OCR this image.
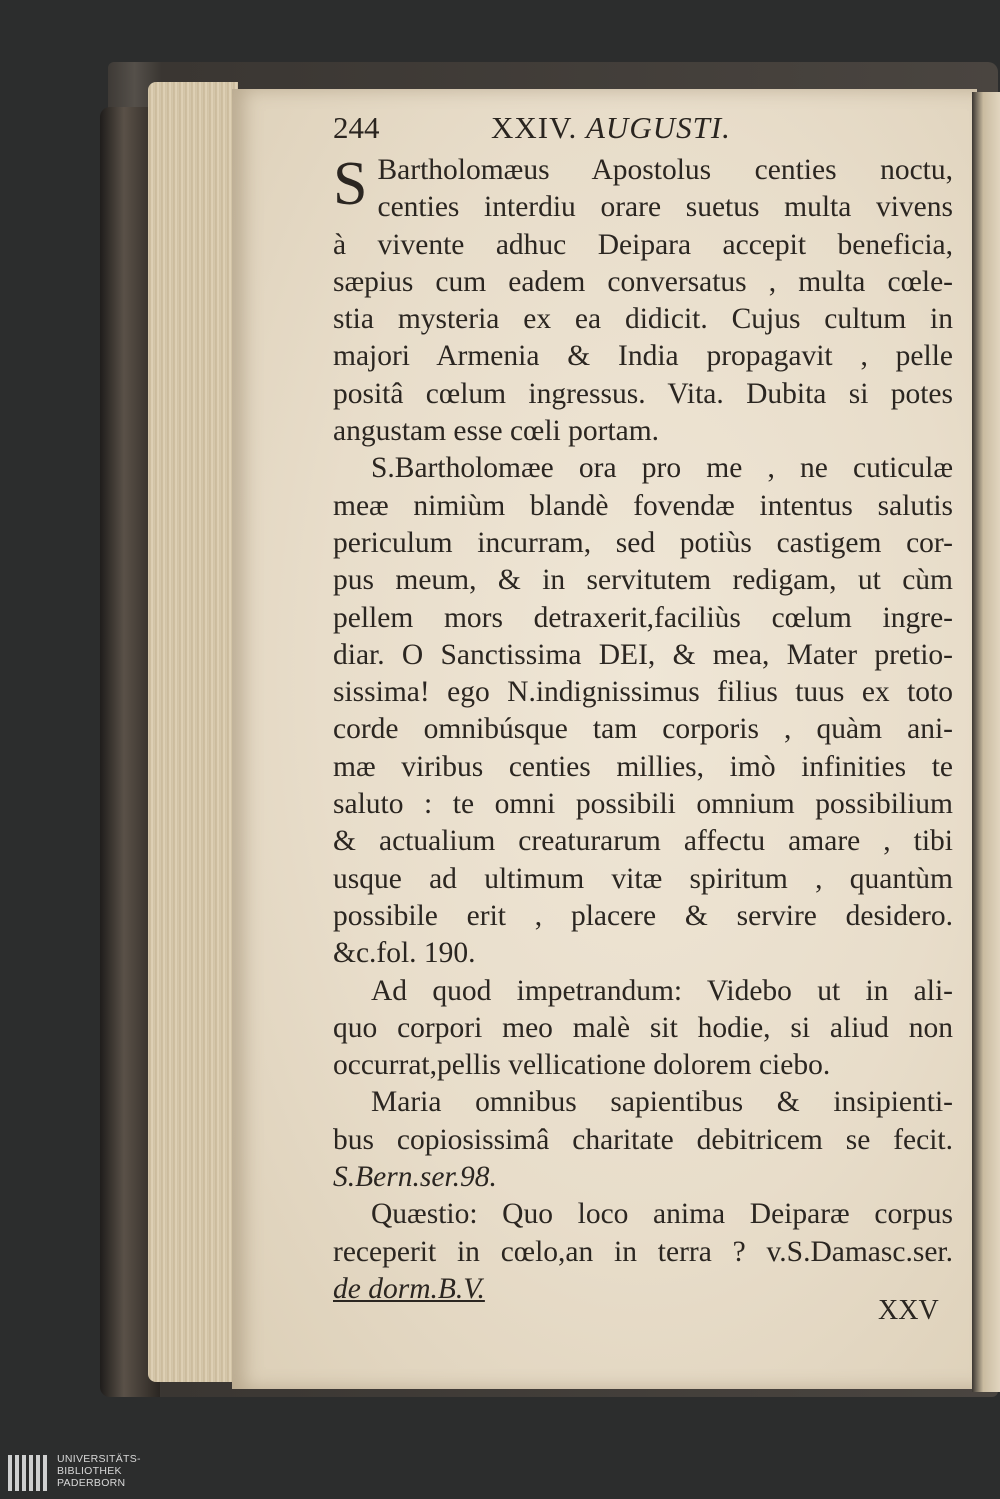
244	XXIV. AUGUSTI.
S Bartholomæus Apostolus centies noctu,
centies interdiu orare suetus multa vivens
à vivente adhuc Deipara accepit beneficia,
sæpius cum eadem conversatus , multa cœle-
stia mysteria ex ea didicit. Cujus cultum in
majori Armenia & India propagavit , pelle
positâ cœlum ingressus. Vita. Dubita si potes
angustam esse cœli portam.
S.Bartholomæe ora pro me , ne cuticulæ
meæ nimiùm blandè fovendæ intentus salutis
periculum incurram, sed potiùs castigem cor-
pus meum, & in servitutem redigam, ut cùm
pellem mors detraxerit,faciliùs cœlum ingre-
diar. O Sanctissima DEI, & mea, Mater pretio-
sissima! ego N.indignissimus filius tuus ex toto
corde omnibúsque tam corporis , quàm ani-
mæ viribus centies millies, imò infinities te
saluto : te omni possibili omnium possibilium
& actualium creaturarum affectu amare , tibi
usque ad ultimum vitæ spiritum , quantùm
possibile erit , placere & servire desidero.
&c.fol. 190.
Ad quod impetrandum: Videbo ut in ali-
quo corpori meo malè sit hodie, si aliud non
occurrat,pellis vellicatione dolorem ciebo.
Maria omnibus sapientibus & insipienti-
bus copiosissimâ charitate debitricem se fecit.
S.Bern.ser.98.
Quæstio: Quo loco anima Deiparæ corpus
receperit in cœlo,an in terra ? v.S.Damasc.ser.
de dorm.B.V.
XXV
UNIVERSITÄTS-
BIBLIOTHEK
PADERBORN
